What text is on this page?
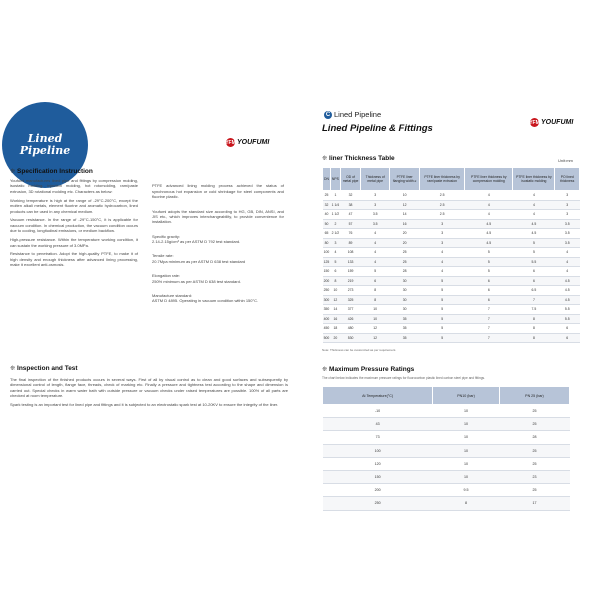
Lined
Pipeline
YFM YOUFUMI
❊ Specification Instruction

Youfumi manufactures lined pipe and fittings by compression molding, isostatic molding, injection molding, hot rotomolding, ram/paste extrusion, 3D rotational molding etc. Characters as below:

Working temperature is high at the range of -29°C-200°C, except the molten alkali metals, element fluorine and aromatic hydrocarbon, lined products can be used in any chemical medium.

Vacuum resistance. In the range of -29°C-150°C, it is applicable for vacuum condition. In chemical production, the vacuum condition occurs due to cooling, longitudinal emissions, or medium backflow.

High-pressure resistance. Within the temperature working condition, it can sustain the working pressure of 3.0MPa.

Resistance to penetration. Adopt the high-quality PTFE, to make it of high density and enough thickness after advanced lining processing, make it excellent anti-osmosis.

PTFE advanced lining molding process achieved the status of synchronous hot expansion or cold shrinkage for steel components and fluorine plastic.

Youfumi adopts the standard size according to HG, GB, DIN, ANSI, and JIS etc., which improves interchangeability, to provide convenience for installation.

Specific gravity:
2.14-2.15g/cm³ as per ASTM D 792 test standard.

Tensile rate:
20.7Mpa minimum as per ASTM D 638 test standard

Elongation rate:
250% minimum as per ASTM D 638 test standard.

Manufacture standard:
ASTM D 4895. Operating in vacuum condition within 150°C.

❊ Inspection and Test

The final inspection of the finished products occurs in several ways. First of all by visual control as to clean and good surfaces and subsequently by dimensional control of length, flange face, threads, check of marking etc. Finally a pressure and tightness test according to the shape and dimension is carried out. Special checks in warm water bath with outside pressure or vacuum checks under raised temperatures are possible. 100% of all parts are checked at room temperature.

Spark testing is an important test for lined pipe and fittings and it is subjected to an electrostatic spark test at 10-20KV to ensure the integrity of the liner.

C Lined Pipeline
Lined Pipeline & Fittings
YFM YOUFUMI
❊ liner Thickness Table	Unit:mm
DN	NPS	OD of metal pipe	Thickness of metal pipe	PTFE liner flanging width ≥	PTFE liner thickness by ram/paste extrusion	PTFE liner thickness by compression molding	PTFE liner thickness by isostatic molding	PO lined thickness
25	1	32	3	10	2.5	4	4	3
32	1 1/4	38	3	12	2.5	4	4	3
40	1 1/2	47	3.5	14	2.5	4	4	3
50	2	57	3.5	16	3	4.5	4.5	3.5
65	2 1/2	76	4	20	3	4.5	4.5	3.5
80	3	89	4	20	3	4.5	5	3.5
100	4	108	4	25	4	5	5	4
125	5	133	4	25	4	5	5.5	4
150	6	159	5	28	4	5	6	4
200	8	219	6	30	5	6	6	4.5
250	10	273	8	30	5	6	6.5	4.5
300	12	325	8	30	5	6	7	4.5
350	14	377	10	30	5	7	7.5	5.5
400	16	426	10	35	5	7	8	5.5
450	18	480	12	35	5	7	8	6
500	20	530	12	35	5	7	8	6
Note: Thickness can be customized as per requirement.
❊ Maximum Pressure Ratings
The chart below indicates the maximum pressure ratings for fluorocarbon plastic lined carbon steel pipe and fittings.
At Temperature(°C)	PN10 (bar)	PN 25 (bar)
-10	10	25
43	10	25
73	10	28
100	10	25
120	10	25
150	10	23
200	9.5	25
250	8	17
